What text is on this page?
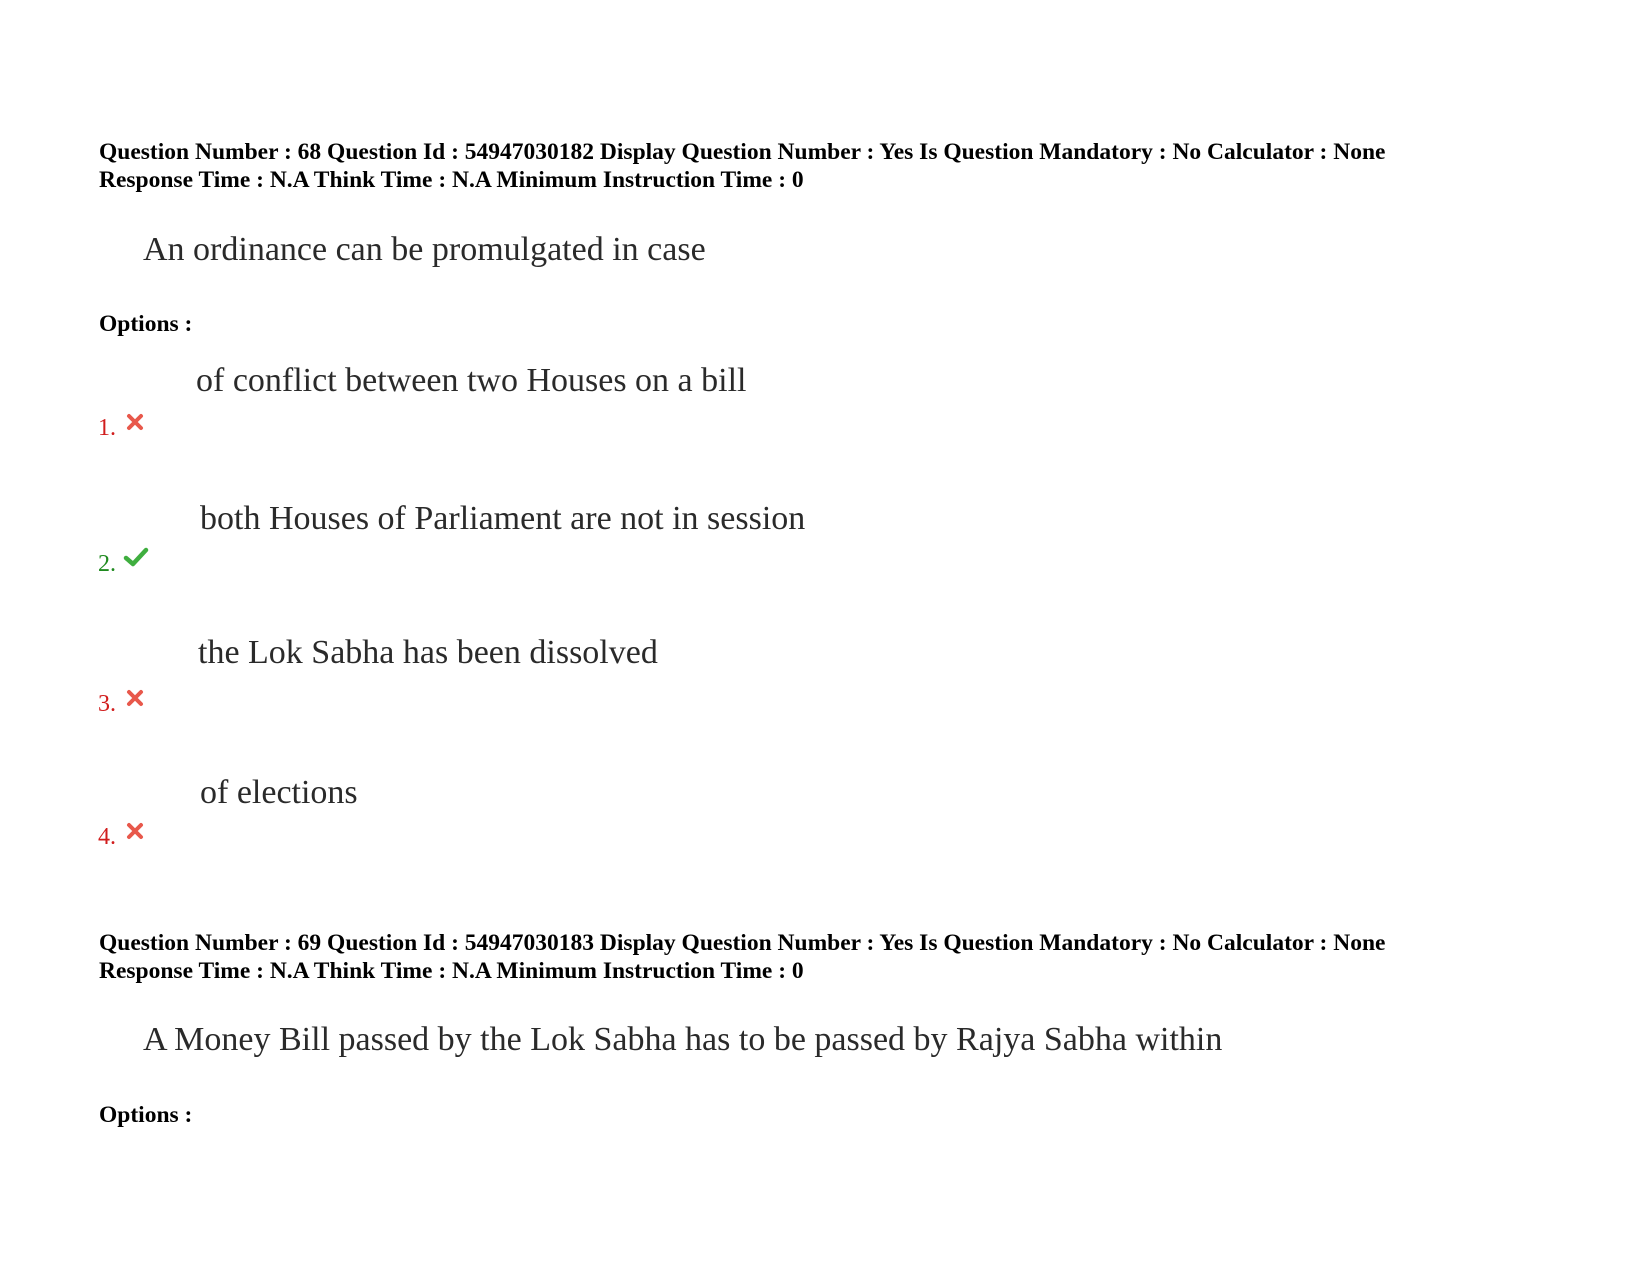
Question Number : 68 Question Id : 54947030182 Display Question Number : Yes Is Question Mandatory : No Calculator : None
Response Time : N.A Think Time : N.A Minimum Instruction Time : 0
An ordinance can be promulgated in case
Options :
of conflict between two Houses on a bill
1.
both Houses of Parliament are not in session
2.
the Lok Sabha has been dissolved
3.
of elections
4.
Question Number : 69 Question Id : 54947030183 Display Question Number : Yes Is Question Mandatory : No Calculator : None
Response Time : N.A Think Time : N.A Minimum Instruction Time : 0
A Money Bill passed by the Lok Sabha has to be passed by Rajya Sabha within
Options :
